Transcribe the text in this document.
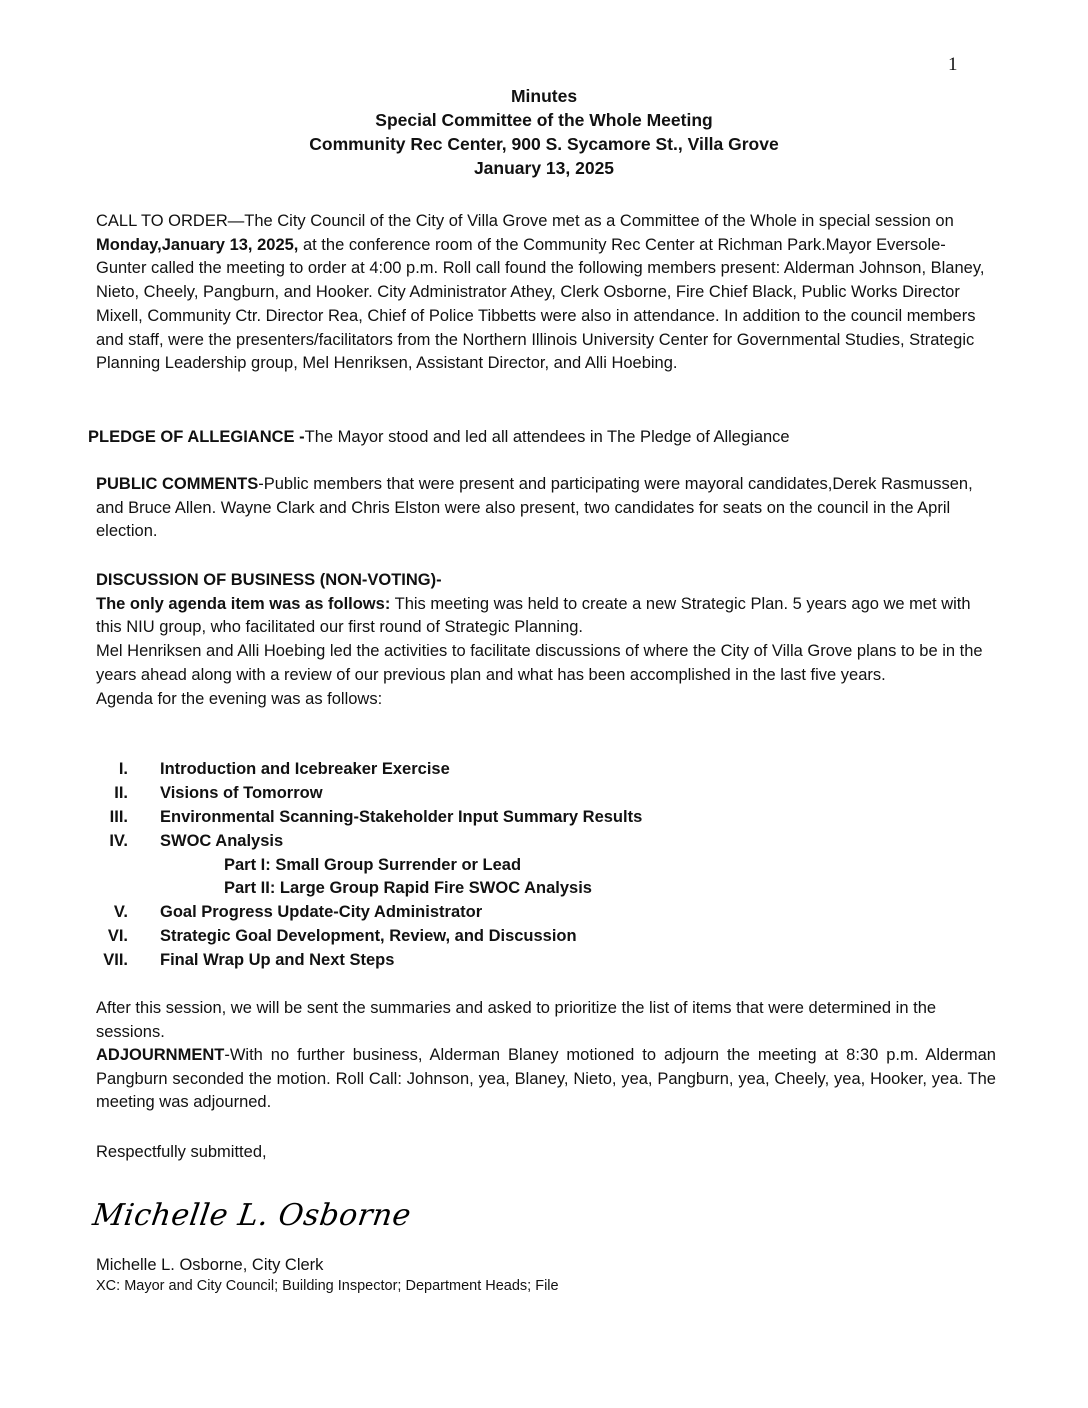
1
Minutes
Special Committee of the Whole Meeting
Community Rec Center, 900 S. Sycamore St., Villa Grove
January 13, 2025

CALL TO ORDER—The City Council of the City of Villa Grove met as a Committee of the Whole in special session on Monday,January 13, 2025, at the conference room of the Community Rec Center at Richman Park.Mayor Eversole-Gunter called the meeting to order at 4:00 p.m. Roll call found the following members present: Alderman Johnson, Blaney, Nieto, Cheely, Pangburn, and Hooker. City Administrator Athey, Clerk Osborne, Fire Chief Black, Public Works Director Mixell, Community Ctr. Director Rea, Chief of Police Tibbetts were also in attendance. In addition to the council members and staff, were the presenters/facilitators from the Northern Illinois University Center for Governmental Studies, Strategic Planning Leadership group, Mel Henriksen, Assistant Director, and Alli Hoebing.

PLEDGE OF ALLEGIANCE -The Mayor stood and led all attendees in The Pledge of Allegiance

PUBLIC COMMENTS-Public members that were present and participating were mayoral candidates,Derek Rasmussen, and Bruce Allen. Wayne Clark and Chris Elston were also present, two candidates for seats on the council in the April election.

DISCUSSION OF BUSINESS (NON-VOTING)-
The only agenda item was as follows: This meeting was held to create a new Strategic Plan. 5 years ago we met with this NIU group, who facilitated our first round of Strategic Planning.
Mel Henriksen and Alli Hoebing led the activities to facilitate discussions of where the City of Villa Grove plans to be in the years ahead along with a review of our previous plan and what has been accomplished in the last five years.
Agenda for the evening was as follows:

I. Introduction and Icebreaker Exercise
II. Visions of Tomorrow
III. Environmental Scanning-Stakeholder Input Summary Results
IV. SWOC Analysis
Part I: Small Group Surrender or Lead
Part II: Large Group Rapid Fire SWOC Analysis
V. Goal Progress Update-City Administrator
VI. Strategic Goal Development, Review, and Discussion
VII. Final Wrap Up and Next Steps

After this session, we will be sent the summaries and asked to prioritize the list of items that were determined in the sessions.

ADJOURNMENT-With no further business, Alderman Blaney motioned to adjourn the meeting at 8:30 p.m. Alderman Pangburn seconded the motion. Roll Call: Johnson, yea, Blaney, Nieto, yea, Pangburn, yea, Cheely, yea, Hooker, yea. The meeting was adjourned.

Respectfully submitted,

Michelle L. Osborne
Michelle L. Osborne, City Clerk
XC: Mayor and City Council; Building Inspector; Department Heads; File
